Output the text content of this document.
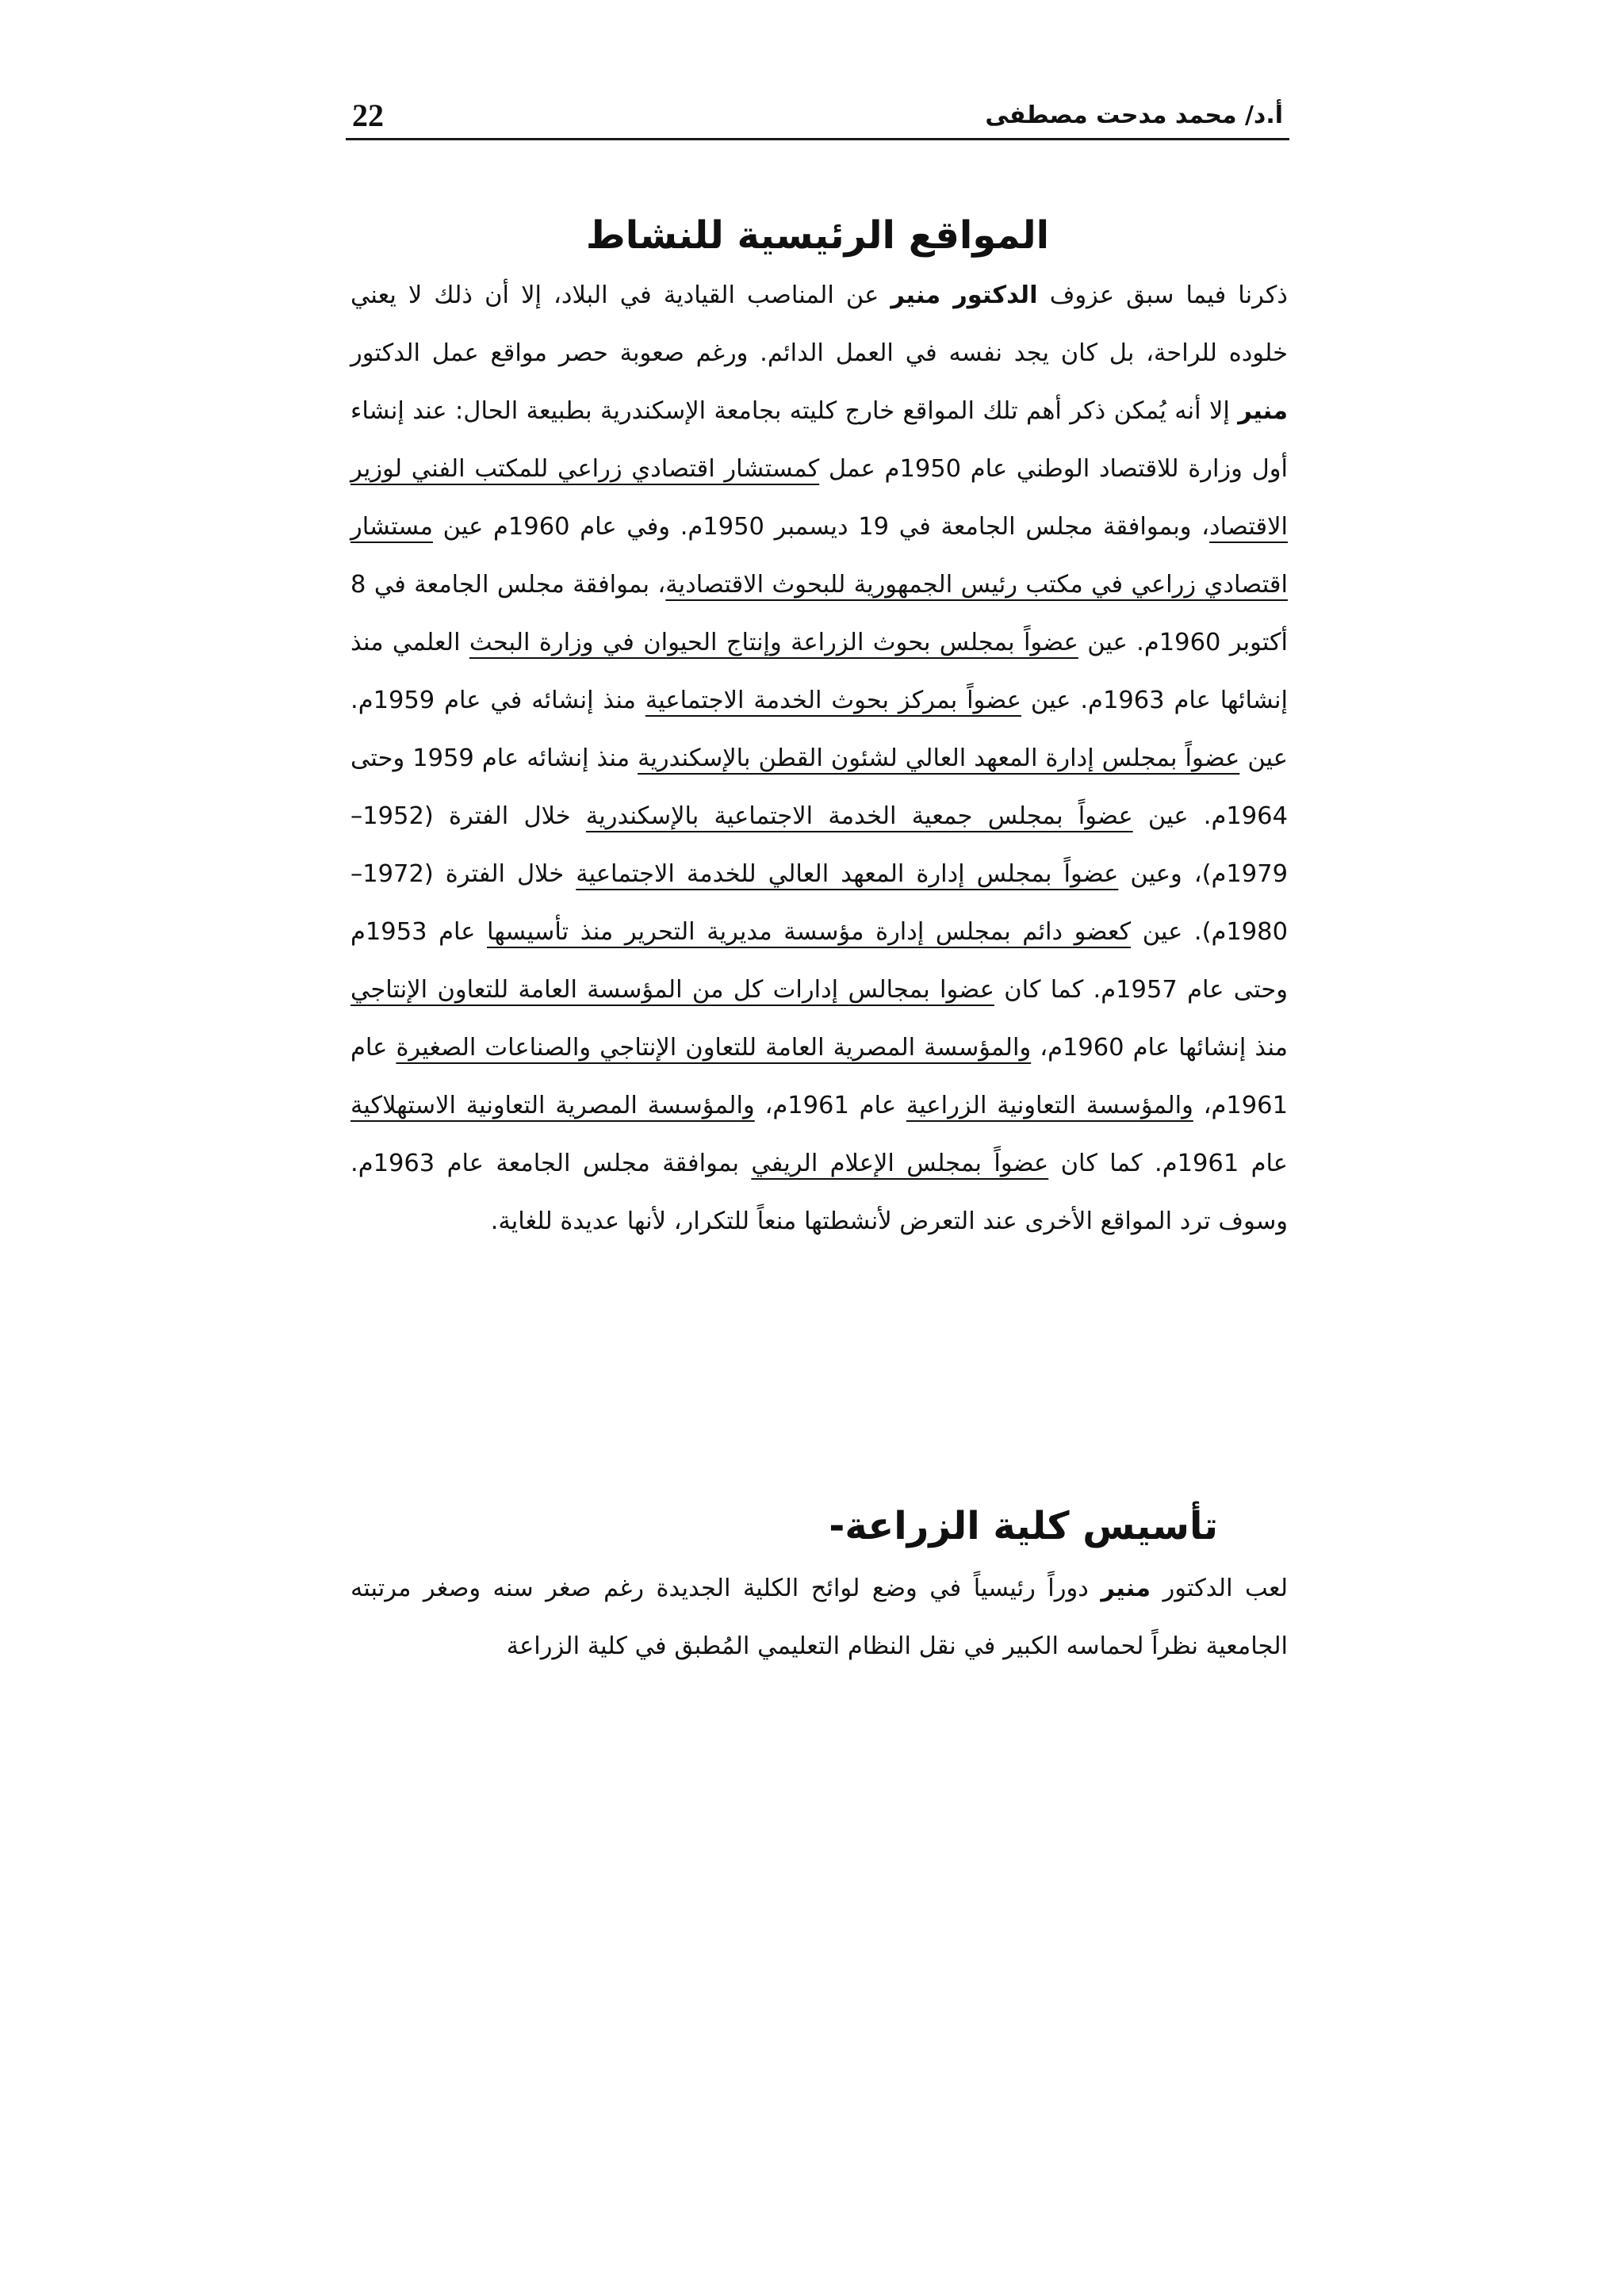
22	أ.د/ محمد مدحت مصطفى
المواقع الرئيسية للنشاط

ذكرنا فيما سبق عزوف الدكتور منير عن المناصب القيادية في البلاد، إلا أن ذلك لا يعني خلوده للراحة، بل كان يجد نفسه في العمل الدائم. ورغم صعوبة حصر مواقع عمل الدكتور منير إلا أنه يُمكن ذكر أهم تلك المواقع خارج كليته بجامعة الإسكندرية بطبيعة الحال: عند إنشاء أول وزارة للاقتصاد الوطني عام 1950م عمل كمستشار اقتصادي زراعي للمكتب الفني لوزير الاقتصاد، وبموافقة مجلس الجامعة في 19 ديسمبر 1950م. وفي عام 1960م عين مستشار اقتصادي زراعي في مكتب رئيس الجمهورية للبحوث الاقتصادية، بموافقة مجلس الجامعة في 8 أكتوبر 1960م. عين عضواً بمجلس بحوث الزراعة وإنتاج الحيوان في وزارة البحث العلمي منذ إنشائها عام 1963م. عين عضواً بمركز بحوث الخدمة الاجتماعية منذ إنشائه في عام 1959م. عين عضواً بمجلس إدارة المعهد العالي لشئون القطن بالإسكندرية منذ إنشائه عام 1959 وحتى 1964م. عين عضواً بمجلس جمعية الخدمة الاجتماعية بالإسكندرية خلال الفترة (1952– 1979م)، وعين عضواً بمجلس إدارة المعهد العالي للخدمة الاجتماعية خلال الفترة (1972– 1980م). عين كعضو دائم بمجلس إدارة مؤسسة مديرية التحرير منذ تأسيسها عام 1953م وحتى عام 1957م. كما كان عضوا بمجالس إدارات كل من المؤسسة العامة للتعاون الإنتاجي منذ إنشائها عام 1960م، والمؤسسة المصرية العامة للتعاون الإنتاجي والصناعات الصغيرة عام 1961م، والمؤسسة التعاونية الزراعية عام 1961م، والمؤسسة المصرية التعاونية الاستهلاكية عام 1961م. كما كان عضواً بمجلس الإعلام الريفي بموافقة مجلس الجامعة عام 1963م. وسوف ترد المواقع الأخرى عند التعرض لأنشطتها منعاً للتكرار، لأنها عديدة للغاية.

تأسيس كلية الزراعة-

لعب الدكتور منير دوراً رئيسياً في وضع لوائح الكلية الجديدة رغم صغر سنه وصغر مرتبته الجامعية نظراً لحماسه الكبير في نقل النظام التعليمي المُطبق في كلية الزراعة
